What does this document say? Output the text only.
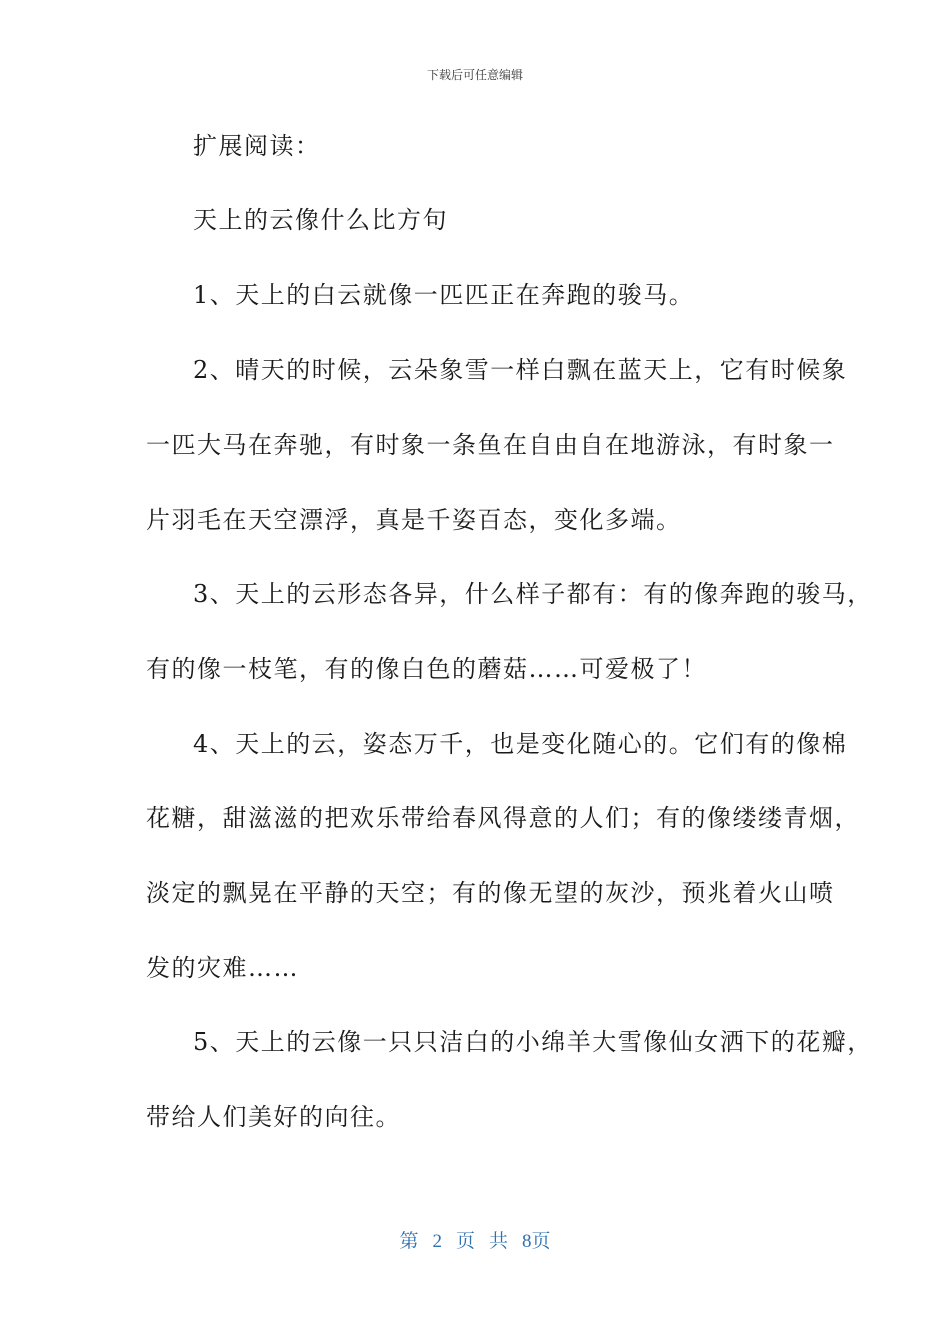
下载后可任意编辑
扩展阅读：
天上的云像什么比方句
1、天上的白云就像一匹匹正在奔跑的骏马。
2、晴天的时候，云朵象雪一样白飘在蓝天上，它有时候象
一匹大马在奔驰，有时象一条鱼在自由自在地游泳，有时象一
片羽毛在天空漂浮，真是千姿百态，变化多端。
3、天上的云形态各异，什么样子都有：有的像奔跑的骏马，
有的像一枝笔，有的像白色的蘑菇……可爱极了！
4、天上的云，姿态万千，也是变化随心的。它们有的像棉
花糖，甜滋滋的把欢乐带给春风得意的人们；有的像缕缕青烟，
淡定的飘晃在平静的天空；有的像无望的灰沙，预兆着火山喷
发的灾难……
5、天上的云像一只只洁白的小绵羊大雪像仙女洒下的花瓣，
带给人们美好的向往。
第 2 页 共 8页
